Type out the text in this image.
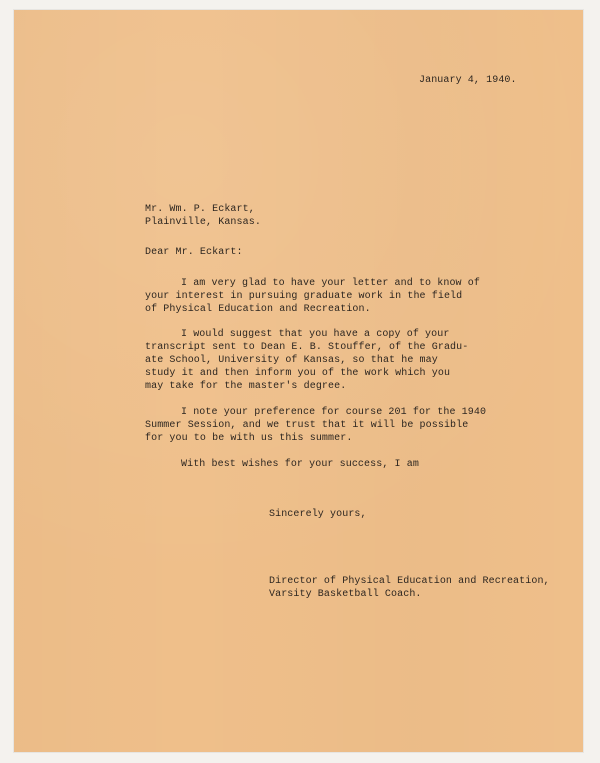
January 4, 1940.
Mr. Wm. P. Eckart,
Plainville, Kansas.
Dear Mr. Eckart:
I am very glad to have your letter and to know of
your interest in pursuing graduate work in the field
of Physical Education and Recreation.
I would suggest that you have a copy of your
transcript sent to Dean E. B. Stouffer, of the Gradu-
ate School, University of Kansas, so that he may
study it and then inform you of the work which you
may take for the master's degree.
I note your preference for course 201 for the 1940
Summer Session, and we trust that it will be possible
for you to be with us this summer.
With best wishes for your success, I am
Sincerely yours,
Director of Physical Education and Recreation,
Varsity Basketball Coach.
